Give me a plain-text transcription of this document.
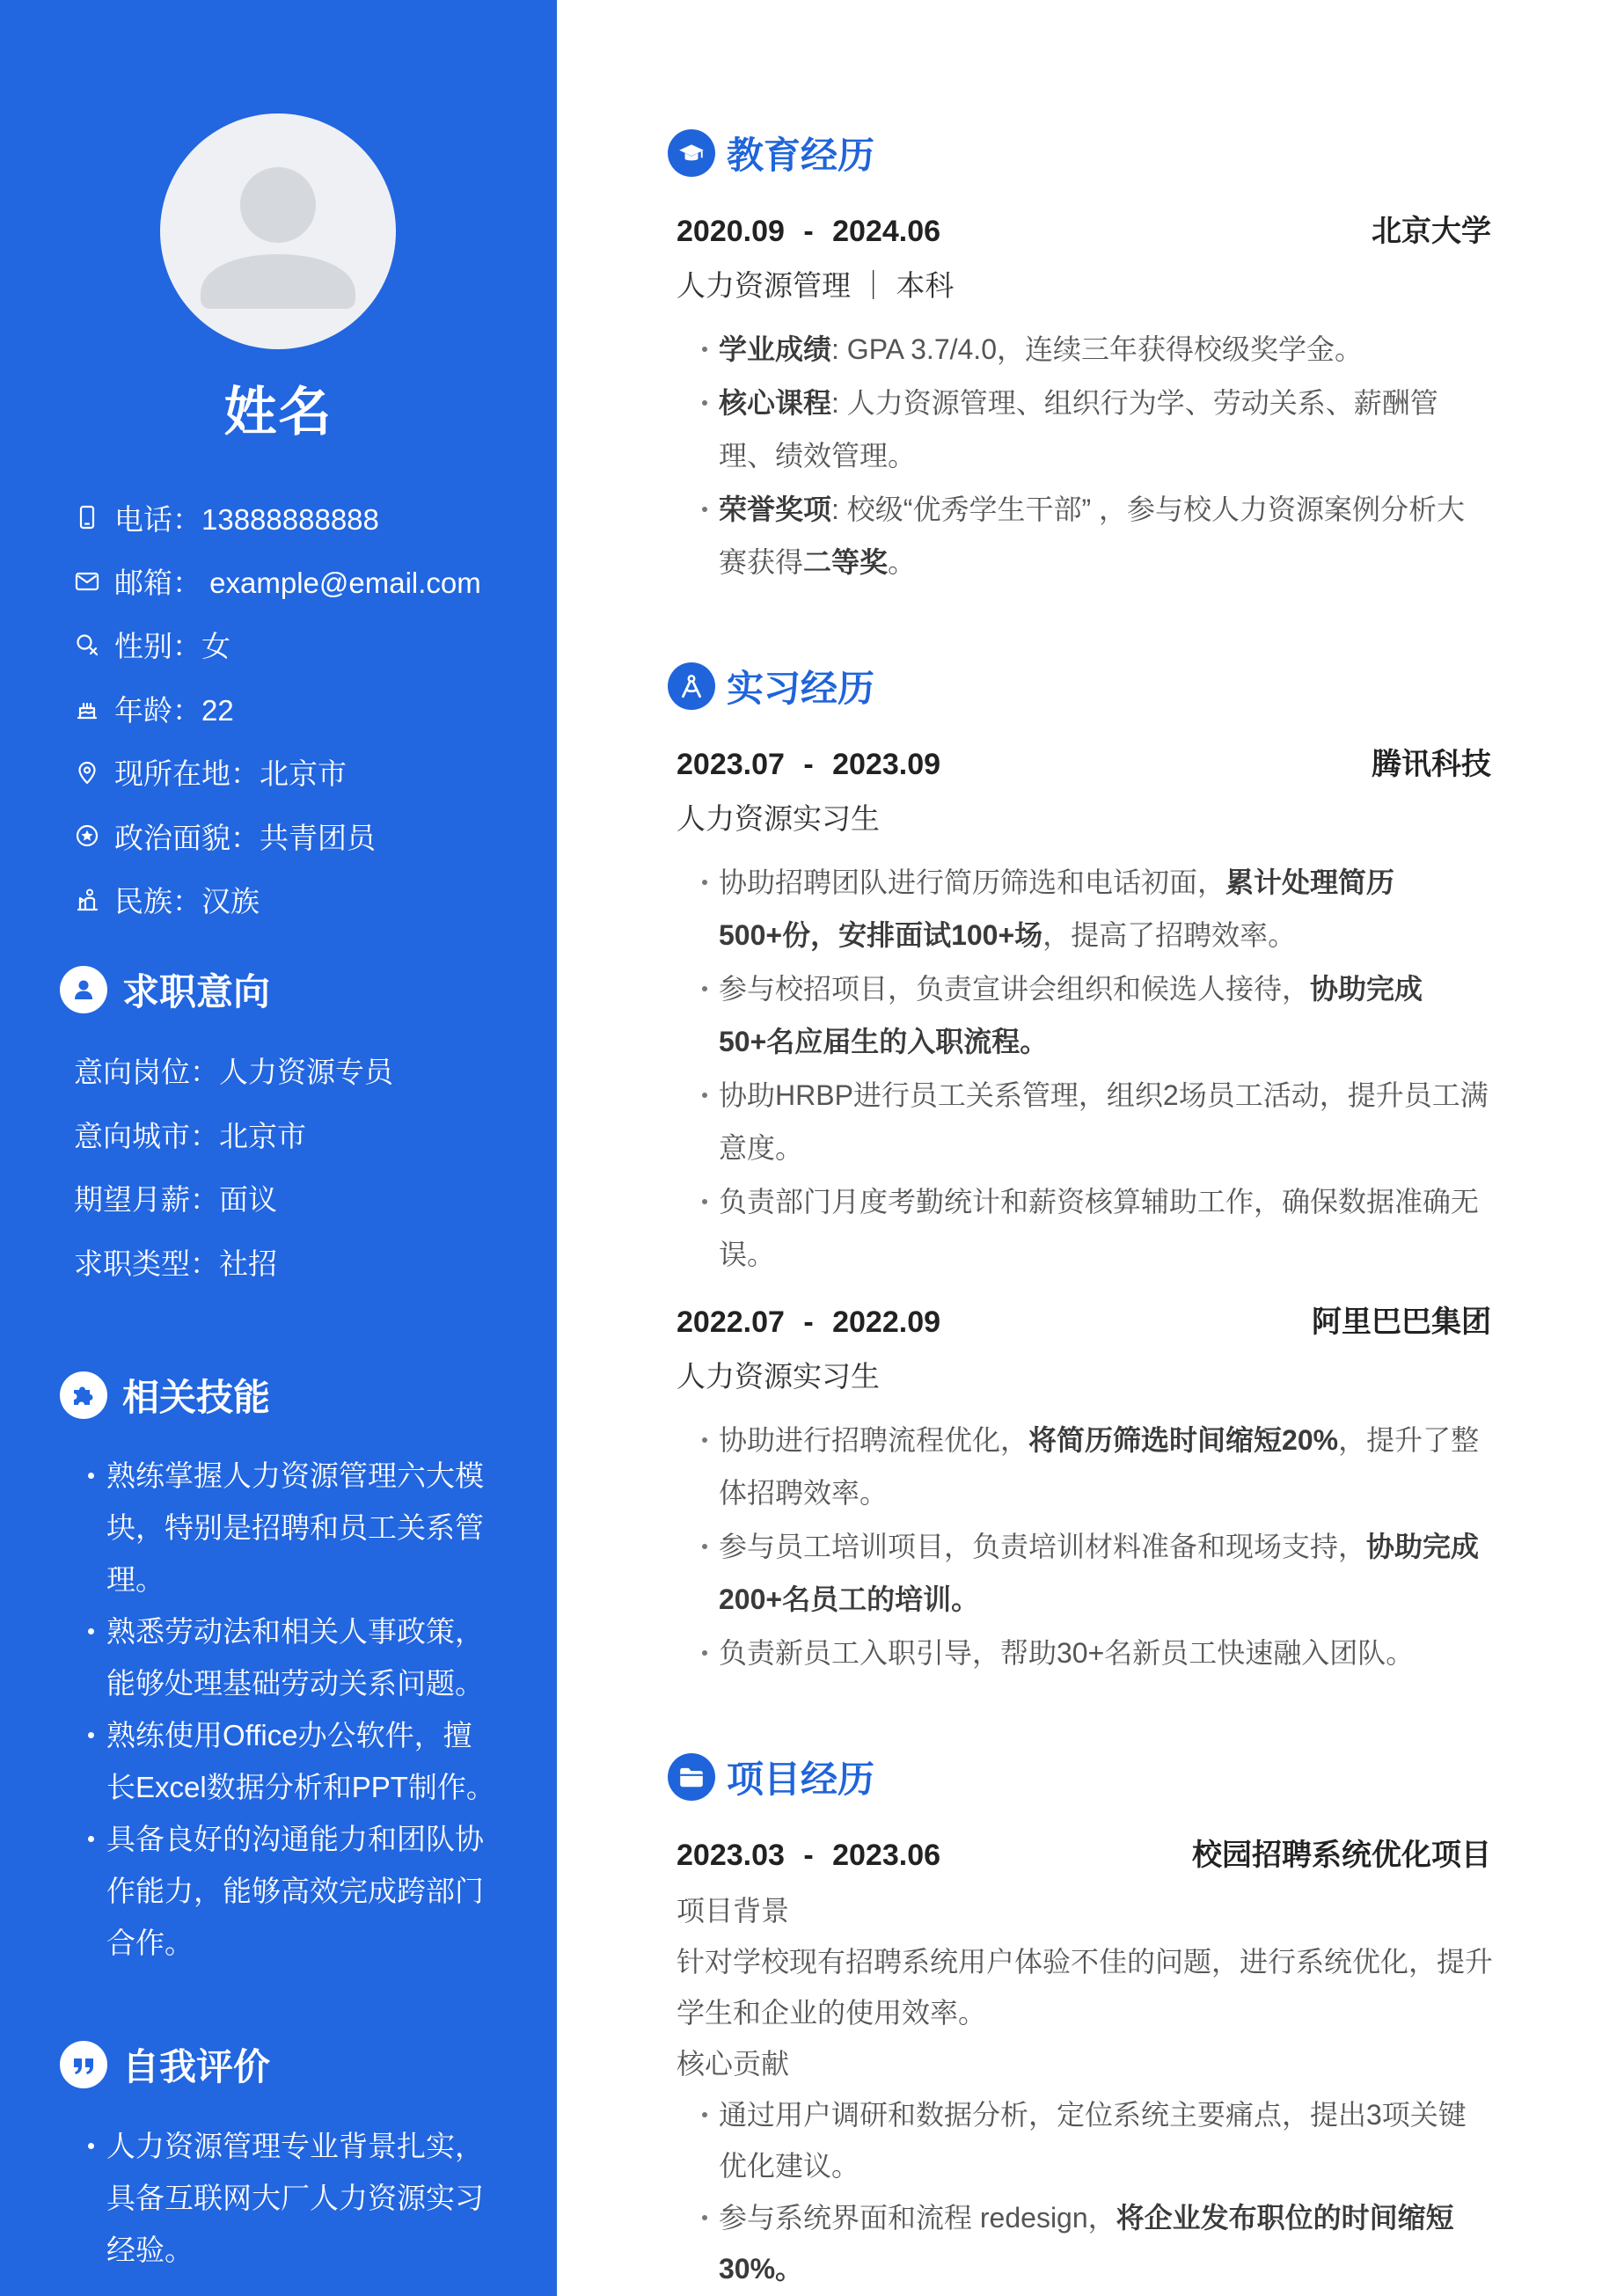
姓名
电话：13888888888
邮箱： example@email.com
性别：女
年龄：22
现所在地：北京市
政治面貌：共青团员
民族：汉族
求职意向
意向岗位：人力资源专员
意向城市：北京市
期望月薪：面议
求职类型：社招
相关技能
熟练掌握人力资源管理六大模块，特别是招聘和员工关系管理。
熟悉劳动法和相关人事政策，能够处理基础劳动关系问题。
熟练使用Office办公软件，擅长Excel数据分析和PPT制作。
具备良好的沟通能力和团队协作能力，能够高效完成跨部门合作。
自我评价
人力资源管理专业背景扎实，具备互联网大厂人力资源实习经验。
教育经历
2020.09 - 2024.06	北京大学
人力资源管理 ｜ 本科
学业成绩: GPA 3.7/4.0，连续三年获得校级奖学金。
核心课程: 人力资源管理、组织行为学、劳动关系、薪酬管理、绩效管理。
荣誉奖项: 校级“优秀学生干部” ，参与校人力资源案例分析大赛获得二等奖。
实习经历
2023.07 - 2023.09	腾讯科技
人力资源实习生
协助招聘团队进行简历筛选和电话初面，累计处理简历500+份，安排面试100+场，提高了招聘效率。
参与校招项目，负责宣讲会组织和候选人接待，协助完成50+名应届生的入职流程。
协助HRBP进行员工关系管理，组织2场员工活动，提升员工满意度。
负责部门月度考勤统计和薪资核算辅助工作，确保数据准确无误。
2022.07 - 2022.09	阿里巴巴集团
人力资源实习生
协助进行招聘流程优化，将简历筛选时间缩短20%，提升了整体招聘效率。
参与员工培训项目，负责培训材料准备和现场支持，协助完成200+名员工的培训。
负责新员工入职引导，帮助30+名新员工快速融入团队。
项目经历
2023.03 - 2023.06	校园招聘系统优化项目
项目背景
针对学校现有招聘系统用户体验不佳的问题，进行系统优化，提升学生和企业的使用效率。
核心贡献
通过用户调研和数据分析，定位系统主要痛点，提出3项关键优化建议。
参与系统界面和流程 redesign，将企业发布职位的时间缩短30%。
